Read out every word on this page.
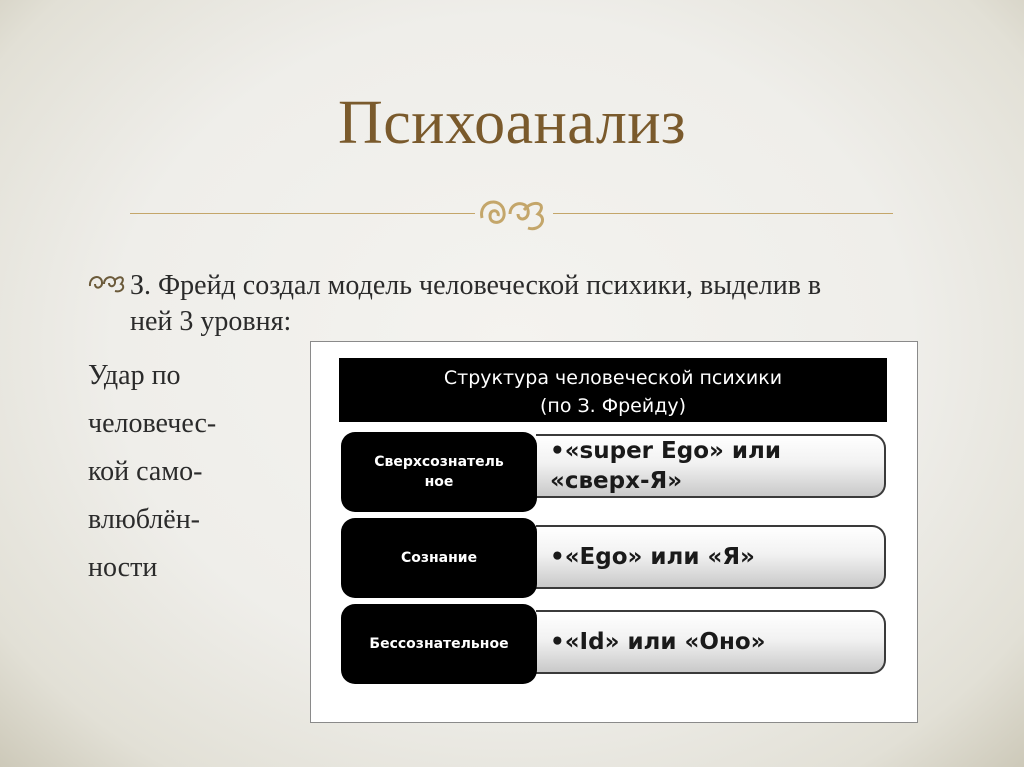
Психоанализ
З. Фрейд создал модель человеческой психики, выделив в ней 3 уровня:
Удар по
человечес-
кой само-
влюблён-
ности
Структура человеческой психики
(по З. Фрейду)
•«super Ego» или
«сверх-Я»
Сверхсознатель
ное
•«Ego» или «Я»
Сознание
•«Id» или «Оно»
Бессознательное
